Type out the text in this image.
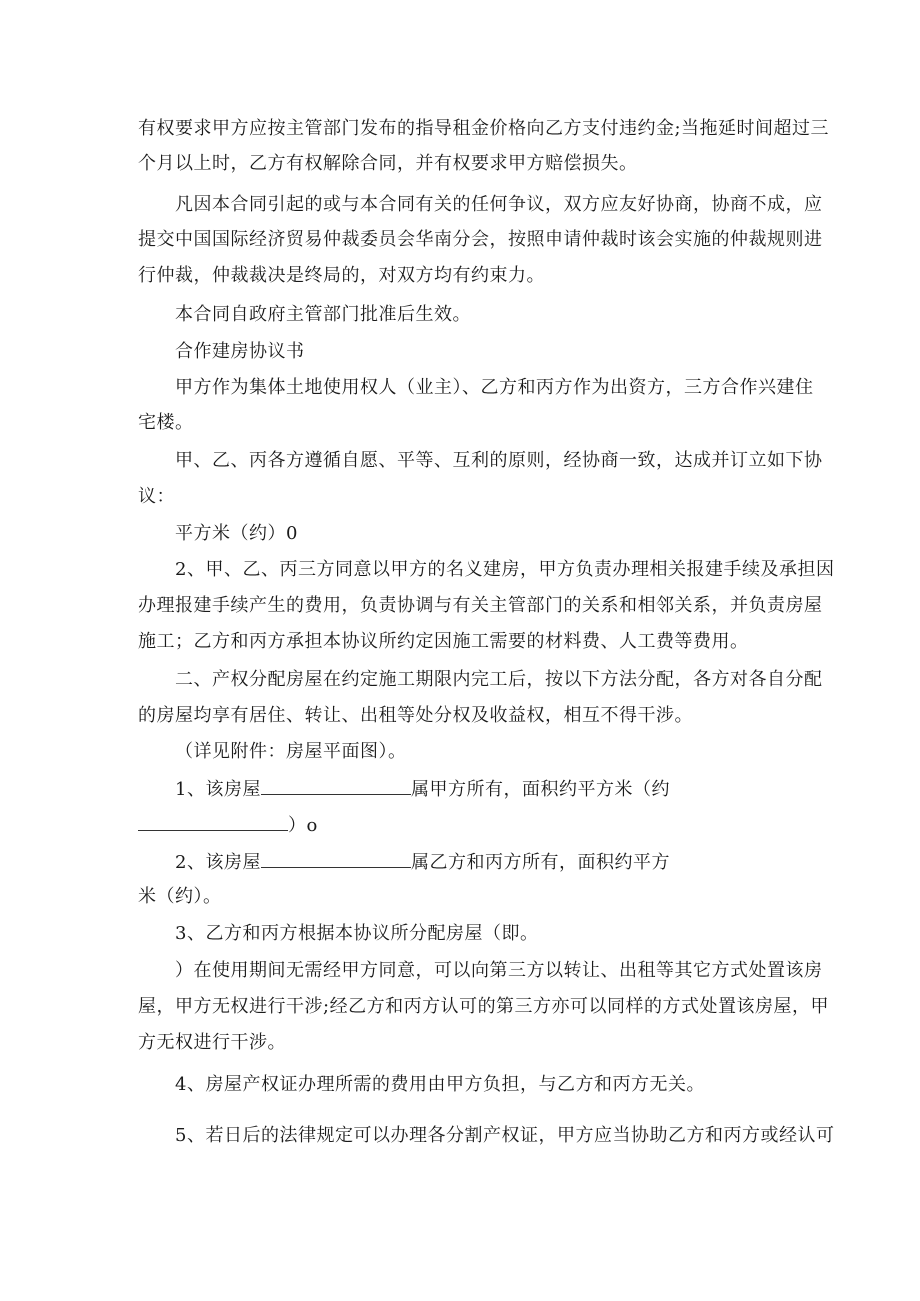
有权要求甲方应按主管部门发布的指导租金价格向乙方支付违约金;当拖延时间超过三
个月以上时，乙方有权解除合同，并有权要求甲方赔偿损失。
凡因本合同引起的或与本合同有关的任何争议，双方应友好协商，协商不成，应
提交中国国际经济贸易仲裁委员会华南分会，按照申请仲裁时该会实施的仲裁规则进
行仲裁，仲裁裁决是终局的，对双方均有约束力。
本合同自政府主管部门批准后生效。
合作建房协议书
甲方作为集体土地使用权人（业主）、乙方和丙方作为出资方，三方合作兴建住
宅楼。
甲、乙、丙各方遵循自愿、平等、互利的原则，经协商一致，达成并订立如下协
议：
平方米（约）0
2、甲、乙、丙三方同意以甲方的名义建房，甲方负责办理相关报建手续及承担因
办理报建手续产生的费用，负责协调与有关主管部门的关系和相邻关系，并负责房屋
施工；乙方和丙方承担本协议所约定因施工需要的材料费、人工费等费用。
二、产权分配房屋在约定施工期限内完工后，按以下方法分配，各方对各自分配
的房屋均享有居住、转让、出租等处分权及收益权，相互不得干涉。
（详见附件：房屋平面图）。
1、该房屋	属甲方所有，面积约平方米（约
）o
2、该房屋	属乙方和丙方所有，面积约平方
米（约）。
3、乙方和丙方根据本协议所分配房屋（即。
）在使用期间无需经甲方同意，可以向第三方以转让、出租等其它方式处置该房
屋，甲方无权进行干涉;经乙方和丙方认可的第三方亦可以同样的方式处置该房屋，甲
方无权进行干涉。
4、房屋产权证办理所需的费用由甲方负担，与乙方和丙方无关。
5、若日后的法律规定可以办理各分割产权证，甲方应当协助乙方和丙方或经认可
